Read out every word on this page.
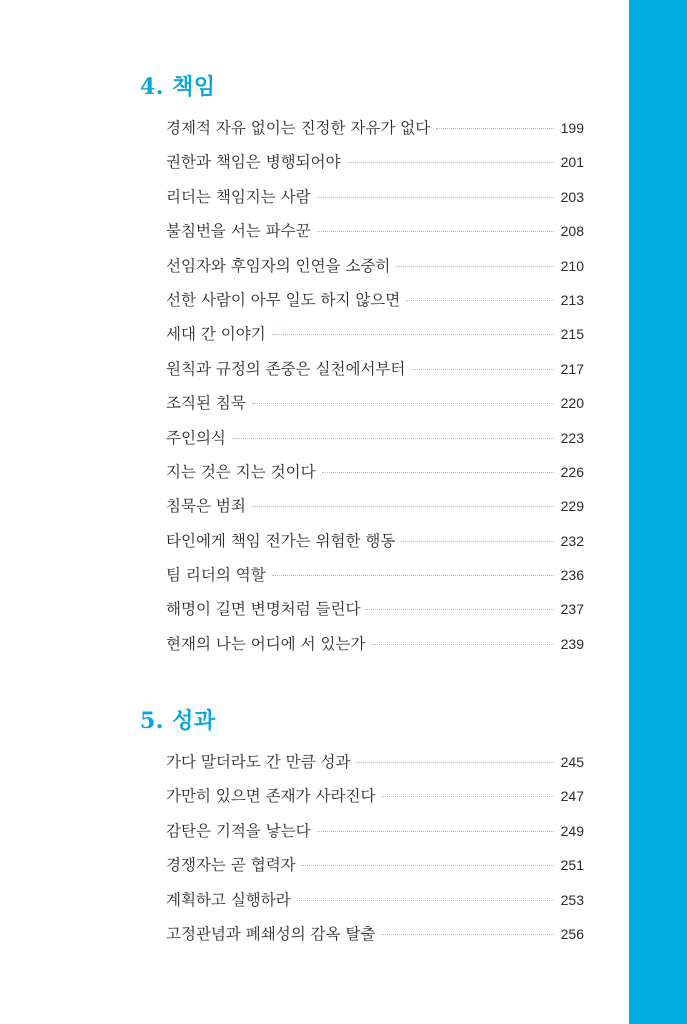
4. 책임
경제적 자유 없이는 진정한 자유가 없다	199
권한과 책임은 병행되어야	201
리더는 책임지는 사람	203
불침번을 서는 파수꾼	208
선임자와 후임자의 인연을 소중히	210
선한 사람이 아무 일도 하지 않으면	213
세대 간 이야기	215
원칙과 규정의 존중은 실천에서부터	217
조직된 침묵	220
주인의식	223
지는 것은 지는 것이다	226
침묵은 범죄	229
타인에게 책임 전가는 위험한 행동	232
팀 리더의 역할	236
해명이 길면 변명처럼 들린다	237
현재의 나는 어디에 서 있는가	239
5. 성과
가다 말더라도 간 만큼 성과	245
가만히 있으면 존재가 사라진다	247
감탄은 기적을 낳는다	249
경쟁자는 곧 협력자	251
계획하고 실행하라	253
고정관념과 폐쇄성의 감옥 탈출	256
